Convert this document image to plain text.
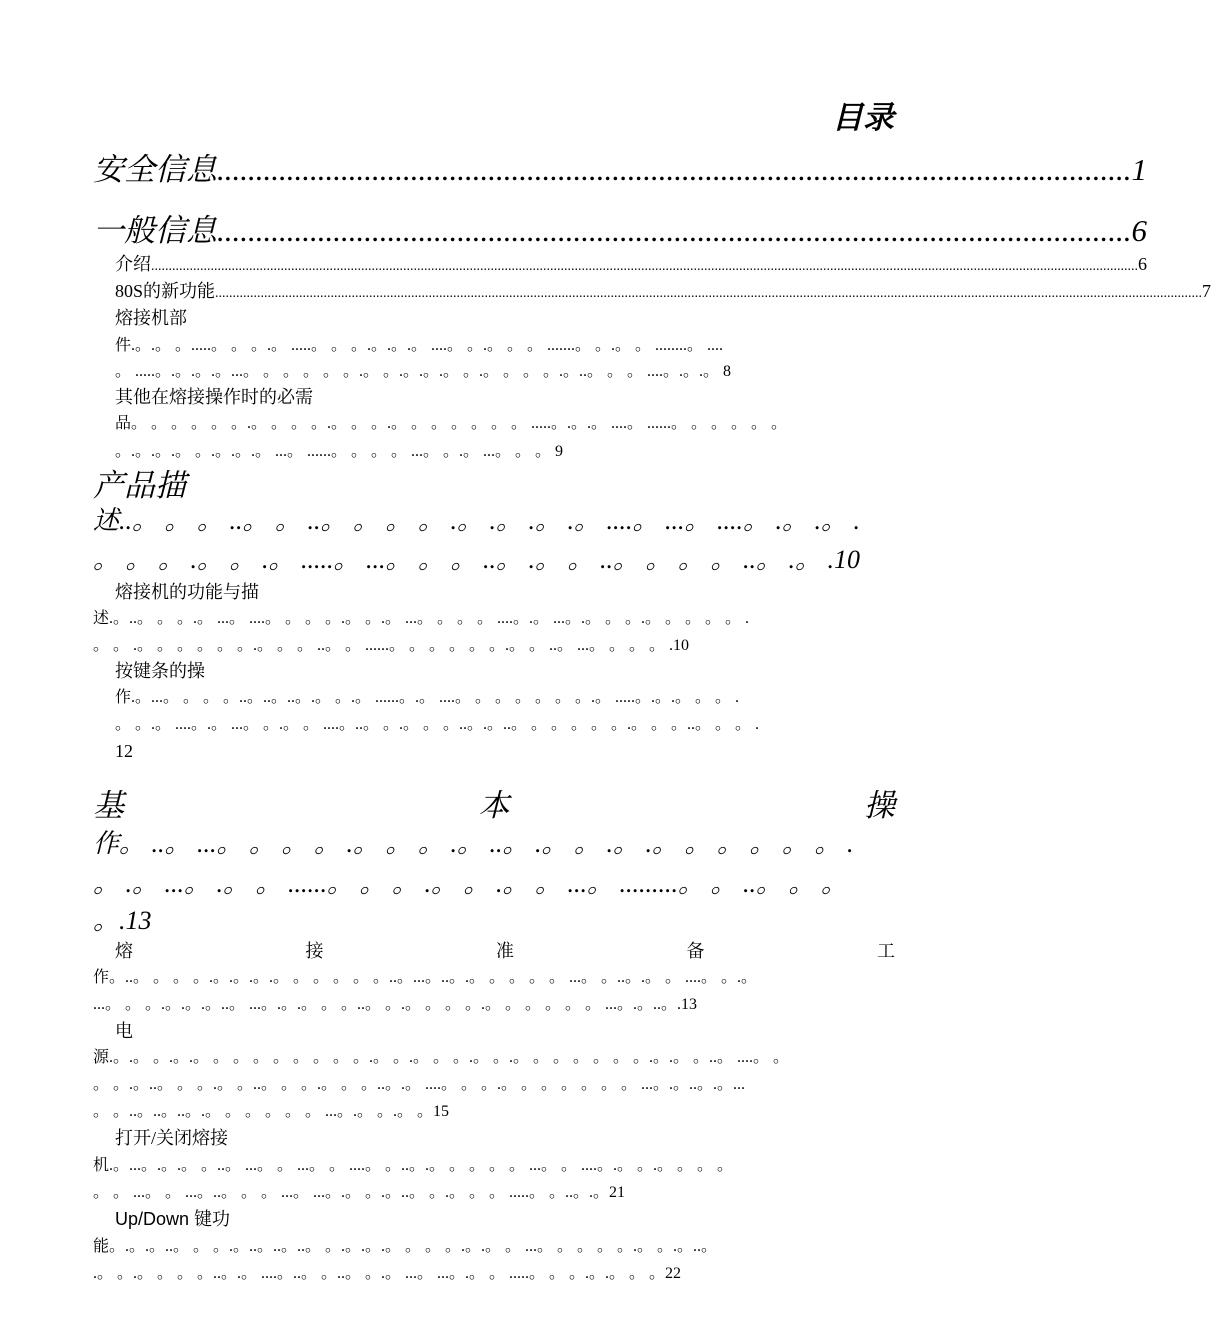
目录
安全信息 ...................................................................................................................... 1
一般信息 ...................................................................................................................... 6
介绍 .......................................................................................................................................................................................................................................................................................... 6
80S的新功能 .......................................................................................................................................................................................................................................................................................... 7
熔接机部
件.。.。 。.....。 。 。.。 .....。 。 。.。.。.。 ....。 。.。 。 。 .......。 。.。 。 ........。 ....
。 .....。.。.。.。...。 。 。 。 。 。.。 。.。.。.。 。.。 。 。 。.。..。 。 。 ....。.。.。 8
其他在熔接操作时的必需
品。 。 。 。 。 。.。 。 。 。.。 。 。.。 。 。 。 。 。 。 .....。.。.。 ....。 ......。 。 。 。 。 。
。.。.。.。 。.。.。.。 ...。 ......。 。 。 。 ...。 。.。 ...。 。 。 9
产品描
述..。 。 。 ..。 。 ..。 。 。 。 .。 .。 .。 .。 ....。 ...。 ....。 .。 .。 .
。 。 。 .。 。 .。 .....。 ...。 。 。 ..。 .。 。 ..。 。 。 。 ..。 .。 .10
熔接机的功能与描
述.。..。 。 。.。 ...。 ....。 。 。 。.。 。.。 ...。 。 。 。 ....。.。 ...。.。 。 。.。 。 。 。 。 .
。 。 .。 。 。 。 。 。.。 。 。 ..。 。 ......。 。 。 。 。 。.。 。 ..。 ...。 。 。 。 .10
按键条的操
作.。...。 。 。 。..。..。..。.。 。.。 ......。.。 ....。 。 。 。 。 。 。.。 .....。.。.。 。 。 .
。 。.。 ....。.。 ...。 。.。 。 ....。..。 。.。 。 。..。.。..。 。 。 。 。 。.。 。 。..。 。 。 .
12
基	本	操
作。 ..。 ...。 。 。 。 .。 。 。 .。 ..。 .。 。 .。 .。 。 。 。 。 。 .
。 .。 ...。 .。 。 ......。 。 。 .。 。 .。 。 ...。 .........。 。 ..。 。 。
。.13
熔	接	准	备	工
作。..。 。 。 。.。.。.。.。 。 。 。 。 。..。...。..。.。 。 。 。 。 ...。 。..。.。 。 ....。 。.。
...。 。 。.。.。.。..。 ...。.。.。 。 。..。 。.。 。 。 。.。 。 。 。 。 。 ...。.。..。.13
电
源.。.。 。.。.。 。 。 。 。 。 。 。 。.。 。.。 。 。.。 。.。 。 。 。 。 。 。.。.。 。..。 ....。 。
。 。.。..。 。 。.。 。..。 。 。.。 。 。..。.。 ....。 。 。.。 。 。 。 。 。 。 ...。.。..。.。...
。 。..。..。..。.。 。 。 。 。 。 ...。.。 。.。 。15
打开/关闭熔接
机.。...。.。.。 。..。 ...。 。 ...。 。 ....。 。..。.。 。 。 。 。 ...。 。 ....。.。 。.。 。 。 。
。 。 ...。 。 ...。..。 。 。 ...。 ...。.。 。.。..。 。.。 。 。 .....。 。..。.。21
Up/Down 键功
能。.。.。..。 。 。.。..。..。..。 。.。.。.。 。 。 。.。.。 。 ...。 。 。 。 。.。 。.。..。
.。 。.。 。 。 。..。.。 ....。..。 。..。 。.。 ...。 ...。.。 。 .....。 。 。.。.。 。 。22
